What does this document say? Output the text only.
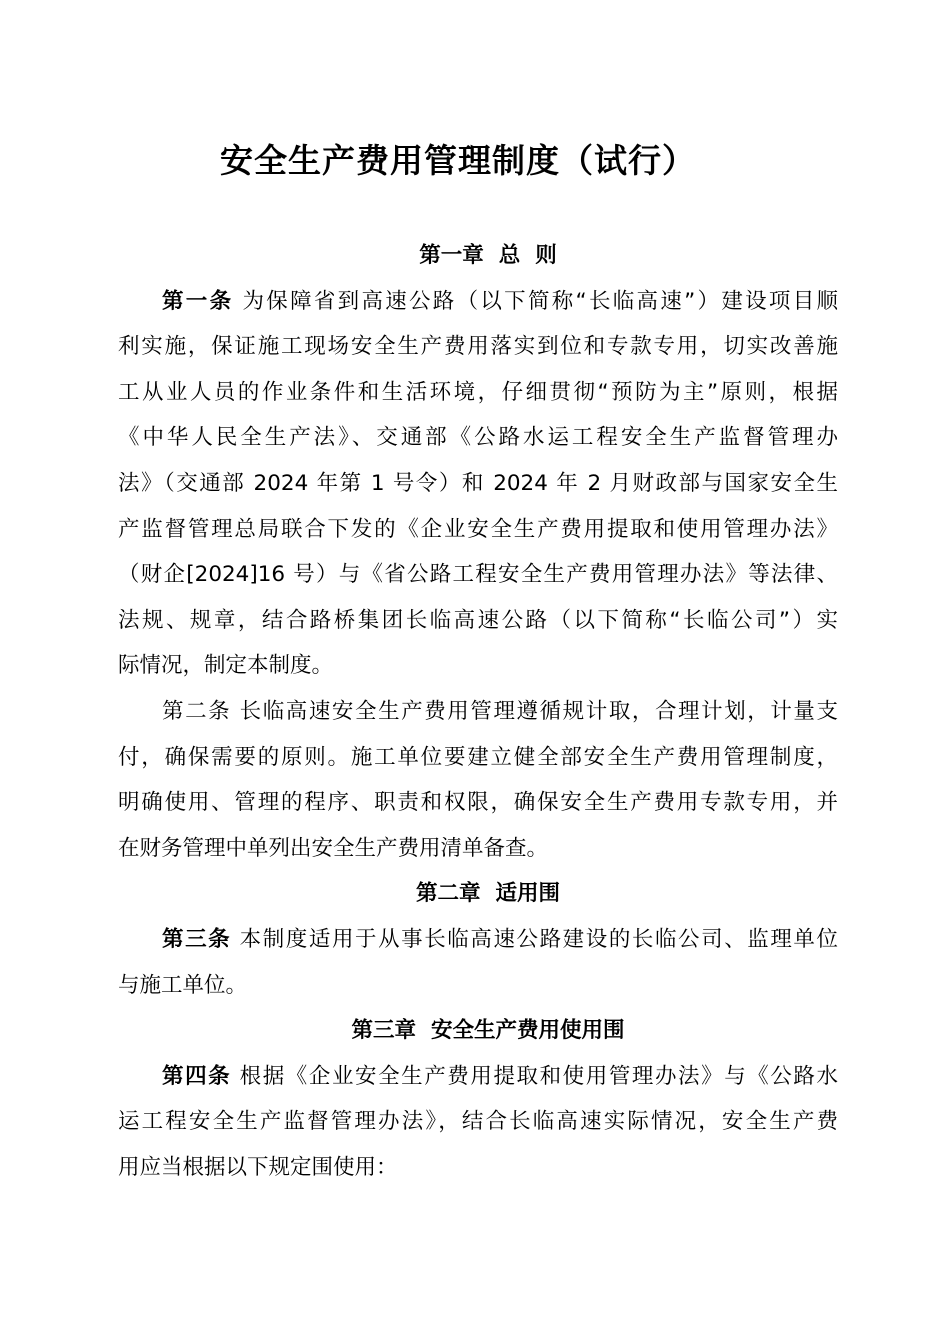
安全生产费用管理制度（试行）
第一章  总  则
第一条 为保障省到高速公路（以下简称“长临高速”）建设项目顺
利实施，保证施工现场安全生产费用落实到位和专款专用，切实改善施
工从业人员的作业条件和生活环境，仔细贯彻“预防为主”原则，根据
《中华人民全生产法》、交通部《公路水运工程安全生产监督管理办
法》（交通部 2024 年第 1 号令）和 2024 年 2 月财政部与国家安全生
产监督管理总局联合下发的《企业安全生产费用提取和使用管理办法》
（财企[2024]16 号）与《省公路工程安全生产费用管理办法》等法律、
法规、规章，结合路桥集团长临高速公路（以下简称“长临公司”）实
际情况，制定本制度。
第二条 长临高速安全生产费用管理遵循规计取，合理计划，计量支
付，确保需要的原则。施工单位要建立健全部安全生产费用管理制度，
明确使用、管理的程序、职责和权限，确保安全生产费用专款专用，并
在财务管理中单列出安全生产费用清单备查。
第二章  适用围
第三条 本制度适用于从事长临高速公路建设的长临公司、监理单位
与施工单位。
第三章  安全生产费用使用围
第四条 根据《企业安全生产费用提取和使用管理办法》与《公路水
运工程安全生产监督管理办法》，结合长临高速实际情况，安全生产费
用应当根据以下规定围使用：
